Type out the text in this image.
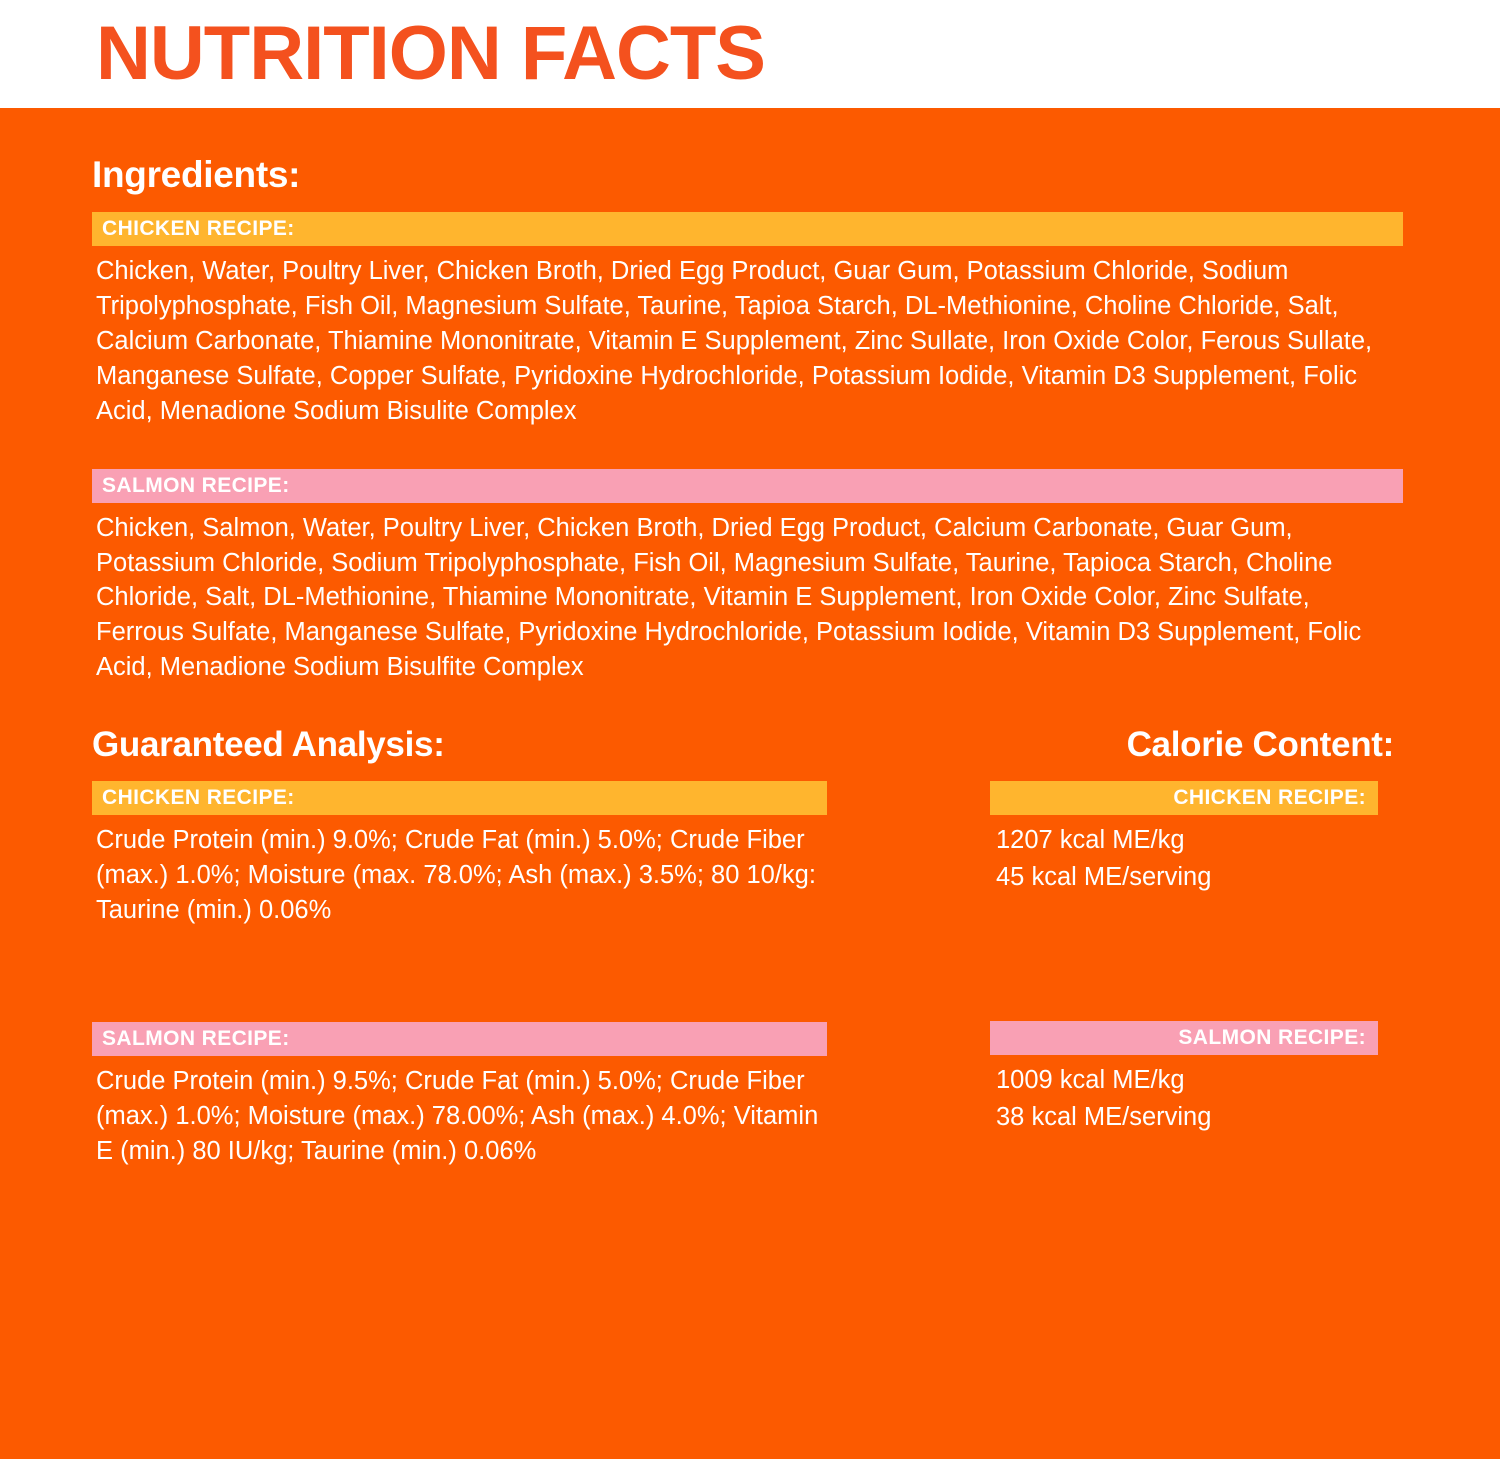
NUTRITION FACTS
Ingredients:
CHICKEN RECIPE:

Chicken, Water, Poultry Liver, Chicken Broth, Dried Egg Product, Guar Gum, Potassium Chloride, Sodium Tripolyphosphate, Fish Oil, Magnesium Sulfate, Taurine, Tapioa Starch, DL-Methionine, Choline Chloride, Salt, Calcium Carbonate, Thiamine Mononitrate, Vitamin E Supplement, Zinc Sullate, Iron Oxide Color, Ferous Sullate, Manganese Sulfate, Copper Sulfate, Pyridoxine Hydrochloride, Potassium Iodide, Vitamin D3 Supplement, Folic Acid, Menadione Sodium Bisulite Complex

SALMON RECIPE:

Chicken, Salmon, Water, Poultry Liver, Chicken Broth, Dried Egg Product, Calcium Carbonate, Guar Gum, Potassium Chloride, Sodium Tripolyphosphate, Fish Oil, Magnesium Sulfate, Taurine, Tapioca Starch, Choline Chloride, Salt, DL-Methionine, Thiamine Mononitrate, Vitamin E Supplement, Iron Oxide Color, Zinc Sulfate, Ferrous Sulfate, Manganese Sulfate, Pyridoxine Hydrochloride, Potassium Iodide, Vitamin D3 Supplement, Folic Acid, Menadione Sodium Bisulfite Complex

Guaranteed Analysis:
CHICKEN RECIPE:

Crude Protein (min.) 9.0%; Crude Fat (min.) 5.0%; Crude Fiber (max.) 1.0%; Moisture (max. 78.0%; Ash (max.) 3.5%; 80 10/kg: Taurine (min.) 0.06%

SALMON RECIPE:

Crude Protein (min.) 9.5%; Crude Fat (min.) 5.0%; Crude Fiber (max.) 1.0%; Moisture (max.) 78.00%; Ash (max.) 4.0%; Vitamin E (min.) 80 IU/kg; Taurine (min.) 0.06%

Calorie Content:
CHICKEN RECIPE:

1207 kcal ME/kg

45 kcal ME/serving

SALMON RECIPE:

1009 kcal ME/kg

38 kcal ME/serving
